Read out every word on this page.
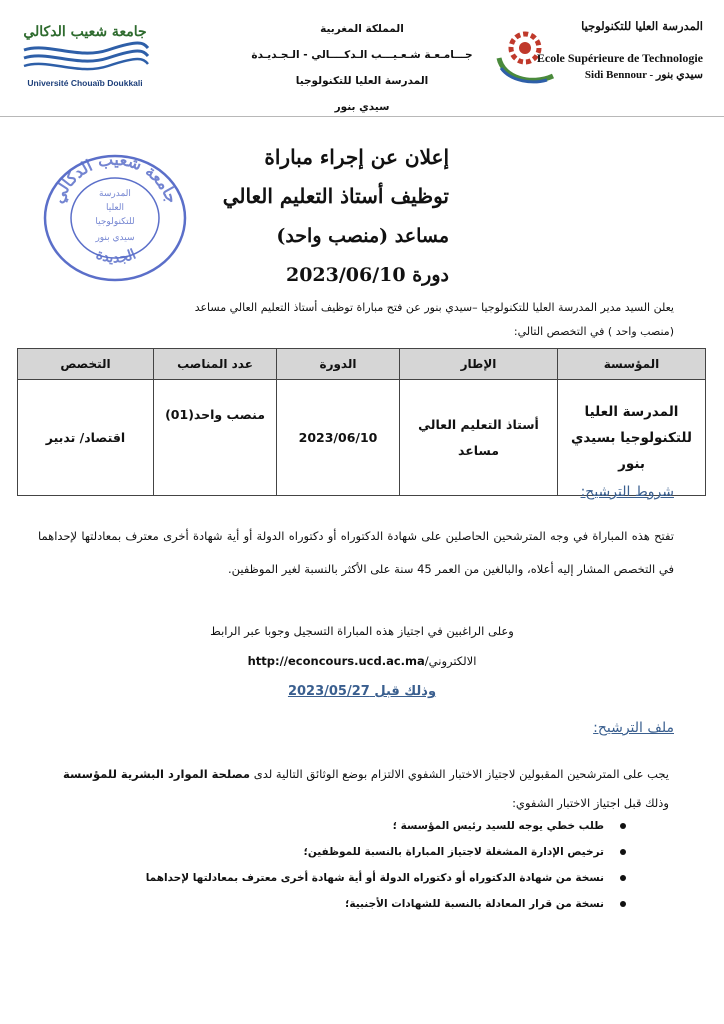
جامعة شعيب الدكالي
Université Chouaïb Doukkali
المملكة المغربية
جـــامـعـة شـعـيـــب الـدكــــالي - الـجـديـدة
المدرسة العليا للتكنولوجيا
سيدي بنور
المدرسة العليا للتكنولوجيا
Ecole Supérieure de Technologie
Sidi Bennour - سيدي بنور
إعلان عن إجراء مباراة
توظيف أستاذ التعليم العالي
مساعد (منصب واحد)
دورة 2023/06/10
جامعة شعيب الدكالي
الجديدة
المدرسة
العليا
للتكنولوجيا
سيدي بنور
يعلن السيد مدير المدرسة العليا للتكنولوجيا –سيدي بنور عن فتح مباراة توظيف أستاذ التعليم العالي مساعد
(منصب واحد ) في التخصص التالي:
المؤسسة	الإطار	الدورة	عدد المناصب	التخصص
المدرسة العليا للتكنولوجيا بسيدي بنور	أستاذ التعليم العالي مساعد	2023/06/10	منصب واحد(01)	اقتصاد/ تدبير
شروط الترشيح:
تفتح هذه المباراة في وجه المترشحين الحاصلين على شهادة الدكتوراه أو دكتوراه الدولة أو أية شهادة أخرى معترف بمعادلتها لإحداهما في التخصص المشار إليه أعلاه، والبالغين من العمر 45 سنة على الأكثر بالنسبة لغير الموظفين.
وعلى الراغبين في اجتياز هذه المباراة التسجيل وجوبا عبر الرابط
الالكتروني/http://econcours.ucd.ac.ma
وذلك قبل 2023/05/27
ملف الترشيح:
يجب على المترشحين المقبولين لاجتياز الاختبار الشفوي الالتزام بوضع الوثائق التالية لدى مصلحة الموارد البشرية للمؤسسة وذلك قبل اجتياز الاختبار الشفوي:
طلب خطي يوجه للسيد رئيس المؤسسة ؛
ترخيص الإدارة المشغلة لاجتياز المباراة بالنسبة للموظفين؛
نسخة من شهادة الدكتوراه أو دكتوراه الدولة أو أية شهادة أخرى معترف بمعادلتها لإحداهما
نسخة من قرار المعادلة بالنسبة للشهادات الأجنبية؛
